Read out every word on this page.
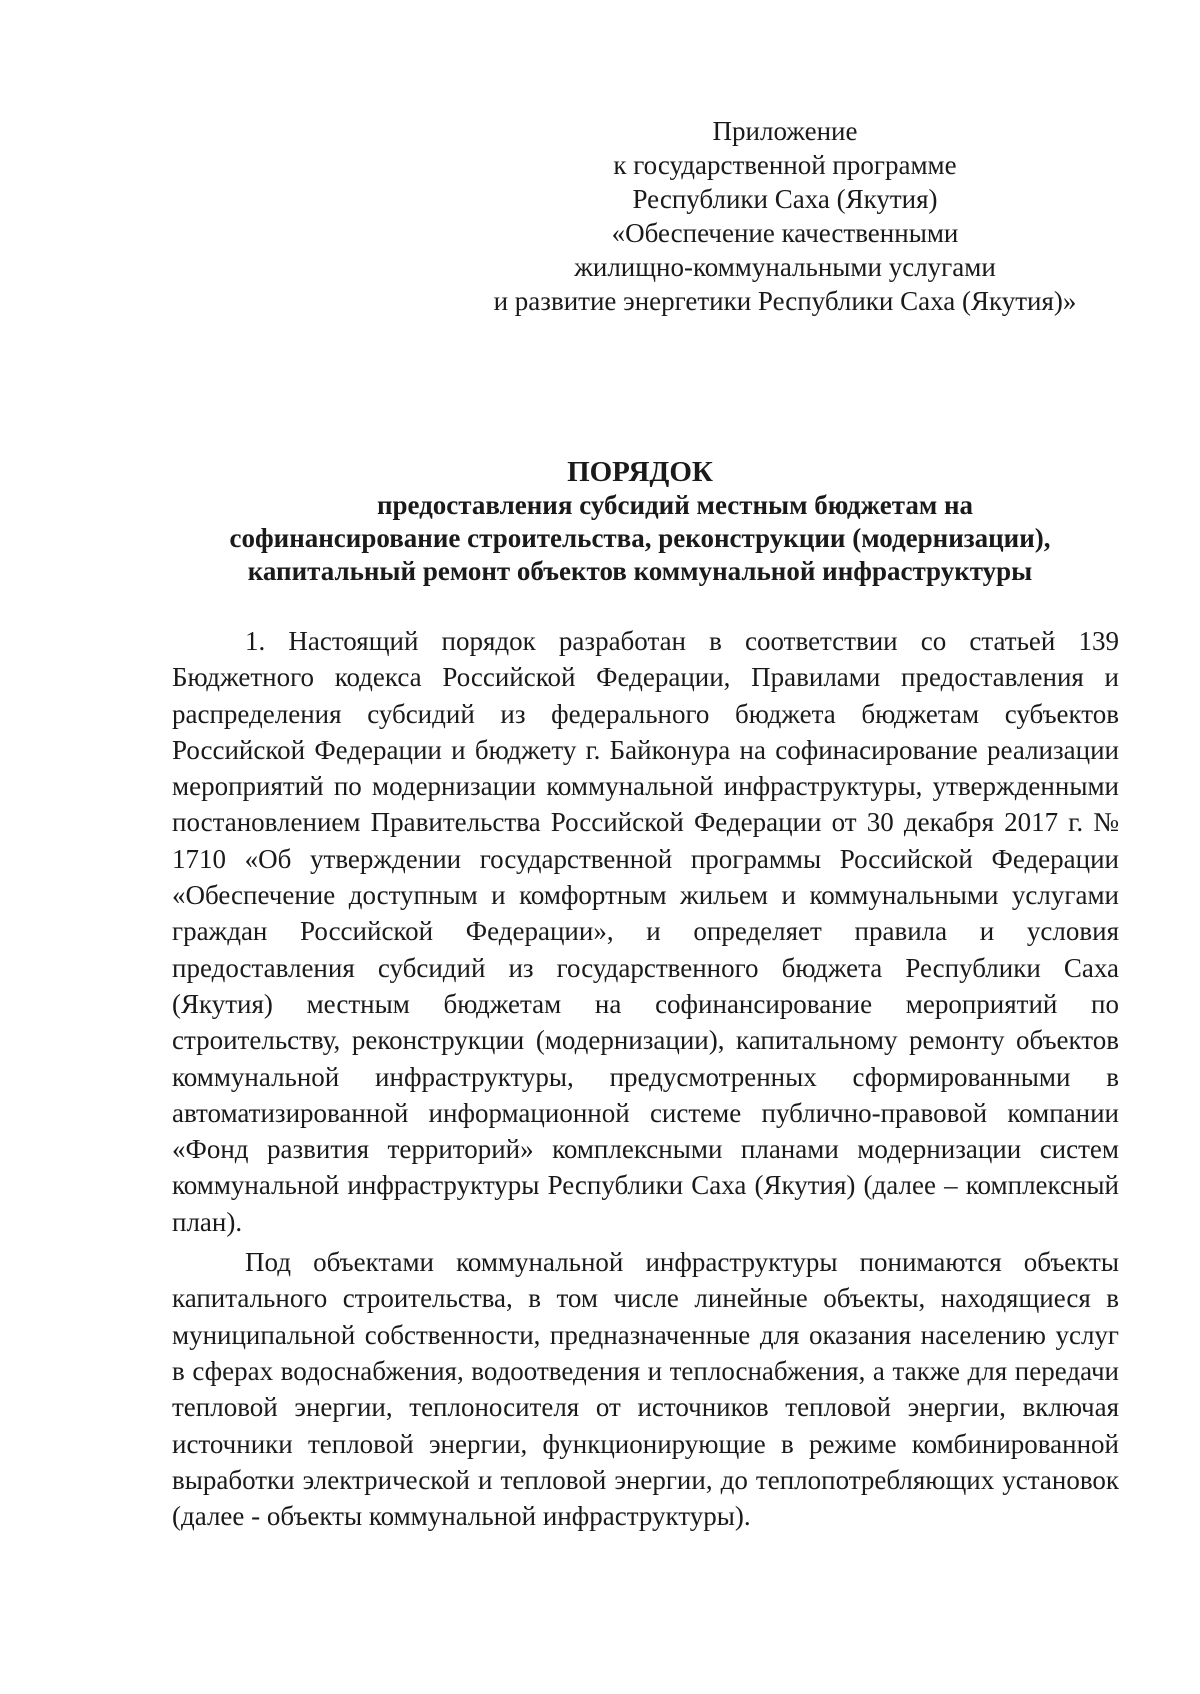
Приложение
к государственной программе
Республики Саха (Якутия)
«Обеспечение качественными
жилищно-коммунальными услугами
и развитие энергетики Республики Саха (Якутия)»
ПОРЯДОК
предоставления субсидий местным бюджетам на
софинансирование строительства, реконструкции (модернизации),
капитальный ремонт объектов коммунальной инфраструктуры

1. Настоящий порядок разработан в соответствии со статьей 139 Бюджетного кодекса Российской Федерации, Правилами предоставления и распределения субсидий из федерального бюджета бюджетам субъектов Российской Федерации и бюджету г. Байконура на софинасирование реализации мероприятий по модернизации коммунальной инфраструктуры, утвержденными постановлением Правительства Российской Федерации от 30 декабря 2017 г. № 1710 «Об утверждении государственной программы Российской Федерации «Обеспечение доступным и комфортным жильем и коммунальными услугами граждан Российской Федерации», и определяет правила и условия предоставления субсидий из государственного бюджета Республики Саха (Якутия) местным бюджетам на софинансирование мероприятий по строительству, реконструкции (модернизации), капитальному ремонту объектов коммунальной инфраструктуры, предусмотренных сформированными в автоматизированной информационной системе публично-правовой компании «Фонд развития территорий» комплексными планами модернизации систем коммунальной инфраструктуры Республики Саха (Якутия) (далее – комплексный план).

Под объектами коммунальной инфраструктуры понимаются объекты капитального строительства, в том числе линейные объекты, находящиеся в муниципальной собственности, предназначенные для оказания населению услуг в сферах водоснабжения, водоотведения и теплоснабжения, а также для передачи тепловой энергии, теплоносителя от источников тепловой энергии, включая источники тепловой энергии, функционирующие в режиме комбинированной выработки электрической и тепловой энергии, до теплопотребляющих установок (далее - объекты коммунальной инфраструктуры).
